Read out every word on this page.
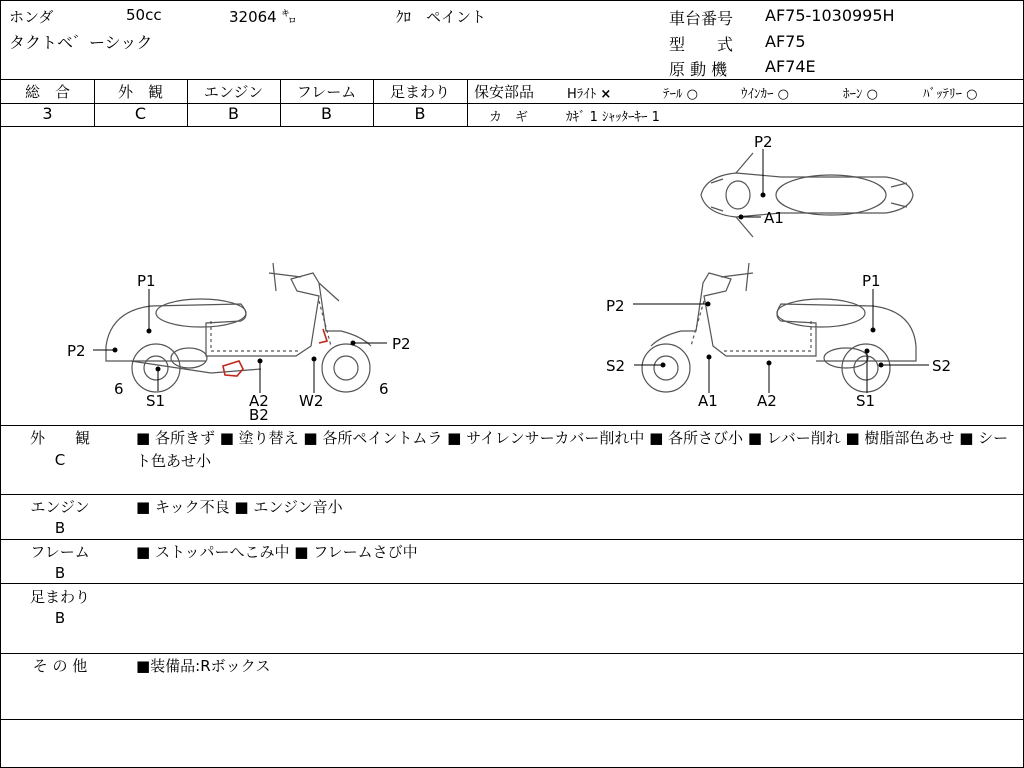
ホンダ	50cc	32064 ㌔	ｸﾛ　ペイント
タクトベ゛ーシック
車台番号 AF75-1030995H
型　　式 AF75
原 動 機 AF74E
総　合	外　観	エンジン	フレーム	足まわり
3	C	B	B	B
保安部品	Hﾗｲﾄ ×	ﾃｰﾙ ○	ｳｲﾝｶｰ ○	ﾎｰﾝ ○	ﾊﾞｯﾃﾘｰ ○
カ　ギ	ｶｷﾞ 1 ｼｬｯﾀｰｷｰ 1
P1
P2	P2
6	6
S1	A2
B2
W2
P1
P2
S2	S2
A1	A2	S1
P2
A1
外　　観
C
■ 各所きず ■ 塗り替え ■ 各所ペイントムラ ■ サイレンサーカバー削れ中 ■ 各所さび小 ■ レバー削れ ■ 樹脂部色あせ ■ シート色あせ小
エンジン
B
■ キック不良 ■ エンジン音小
フレーム
B
■ ストッパーへこみ中 ■ フレームさび中
足まわり
B
そ の 他	■装備品:Rボックス
